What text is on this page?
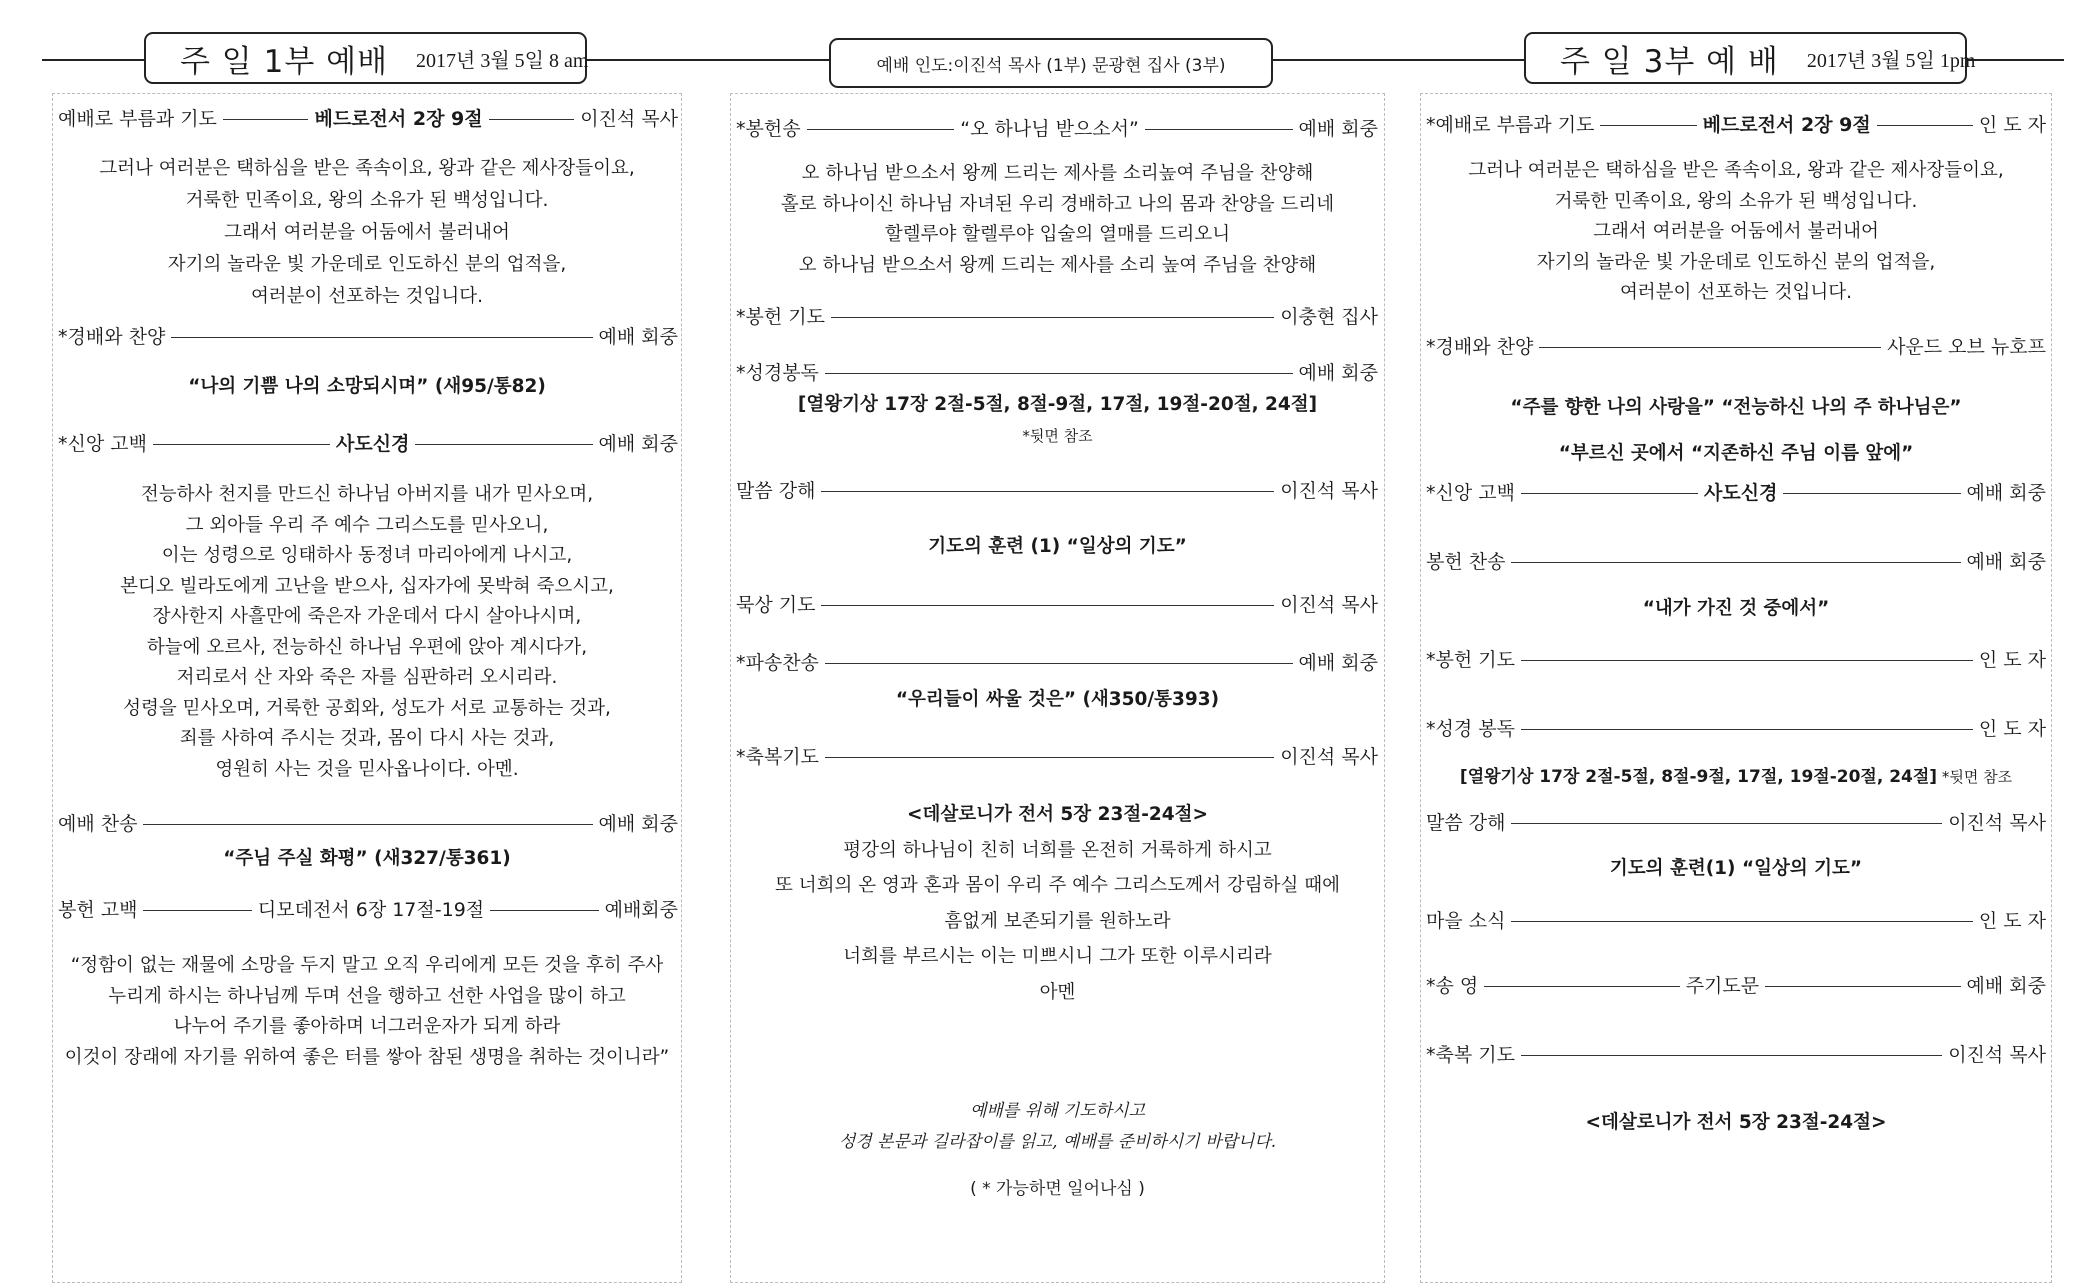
주 일 1부 예배 2017년 3월 5일 8 am	예배 인도: 이진석 목사 (1부) 문광현 집사 (3부)	주 일 3부 예 배 2017년 3월 5일 1pm
예배로 부름과 기도	베드로전서 2장 9절	이진석 목사
그러나 여러분은 택하심을 받은 족속이요, 왕과 같은 제사장들이요,
거룩한 민족이요, 왕의 소유가 된 백성입니다.
그래서 여러분을 어둠에서 불러내어
자기의 놀라운 빛 가운데로 인도하신 분의 업적을,
여러분이 선포하는 것입니다.
*경배와 찬양	예배 회중
“나의 기쁨 나의 소망되시며” (새95/통82)
*신앙 고백	사도신경	예배 회중
전능하사 천지를 만드신 하나님 아버지를 내가 믿사오며,
그 외아들 우리 주 예수 그리스도를 믿사오니,
이는 성령으로 잉태하사 동정녀 마리아에게 나시고,
본디오 빌라도에게 고난을 받으사, 십자가에 못박혀 죽으시고,
장사한지 사흘만에 죽은자 가운데서 다시 살아나시며,
하늘에 오르사, 전능하신 하나님 우편에 앉아 계시다가,
저리로서 산 자와 죽은 자를 심판하러 오시리라.
성령을 믿사오며, 거룩한 공회와, 성도가 서로 교통하는 것과,
죄를 사하여 주시는 것과, 몸이 다시 사는 것과,
영원히 사는 것을 믿사옵나이다. 아멘.
예배 찬송	예배 회중
“주님 주실 화평” (새327/통361)
봉헌 고백	디모데전서 6장 17절-19절	예배회중
“정함이 없는 재물에 소망을 두지 말고 오직 우리에게 모든 것을 후히 주사
누리게 하시는 하나님께 두며 선을 행하고 선한 사업을 많이 하고
나누어 주기를 좋아하며 너그러운자가 되게 하라
이것이 장래에 자기를 위하여 좋은 터를 쌓아 참된 생명을 취하는 것이니라”
*봉헌송	“오 하나님 받으소서”	예배 회중
오 하나님 받으소서 왕께 드리는 제사를 소리높여 주님을 찬양해
홀로 하나이신 하나님 자녀된 우리 경배하고 나의 몸과 찬양을 드리네
할렐루야 할렐루야 입술의 열매를 드리오니
오 하나님 받으소서 왕께 드리는 제사를 소리 높여 주님을 찬양해
*봉헌 기도	이충현 집사
*성경봉독	예배 회중
[열왕기상 17장 2절-5절, 8절-9절, 17절, 19절-20절, 24절]
*뒷면 참조
말씀 강해	이진석 목사
기도의 훈련 (1) “일상의 기도”
묵상 기도	이진석 목사
*파송찬송	예배 회중
“우리들이 싸울 것은” (새350/통393)
*축복기도	이진석 목사
<데살로니가 전서 5장 23절-24절>
평강의 하나님이 친히 너희를 온전히 거룩하게 하시고
또 너희의 온 영과 혼과 몸이 우리 주 예수 그리스도께서 강림하실 때에
흠없게 보존되기를 원하노라
너희를 부르시는 이는 미쁘시니 그가 또한 이루시리라
아멘
예배를 위해 기도하시고
성경 본문과 길라잡이를 읽고, 예배를 준비하시기 바랍니다.
( * 가능하면 일어나심 )
*예배로 부름과 기도	베드로전서 2장 9절	인 도 자
그러나 여러분은 택하심을 받은 족속이요, 왕과 같은 제사장들이요,
거룩한 민족이요, 왕의 소유가 된 백성입니다.
그래서 여러분을 어둠에서 불러내어
자기의 놀라운 빛 가운데로 인도하신 분의 업적을,
여러분이 선포하는 것입니다.
*경배와 찬양	사운드 오브 뉴호프
“주를 향한 나의 사랑을” “전능하신 나의 주 하나님은”
“부르신 곳에서 “지존하신 주님 이름 앞에”
*신앙 고백	사도신경	예배 회중
봉헌 찬송	예배 회중
“내가 가진 것 중에서”
*봉헌 기도	인 도 자
*성경 봉독	인 도 자
[열왕기상 17장 2절-5절, 8절-9절, 17절, 19절-20절, 24절] *뒷면 참조
말씀 강해	이진석 목사
기도의 훈련(1) “일상의 기도”
마을 소식	인 도 자
*송 영	주기도문	예배 회중
*축복 기도	이진석 목사
<데살로니가 전서 5장 23절-24절>
